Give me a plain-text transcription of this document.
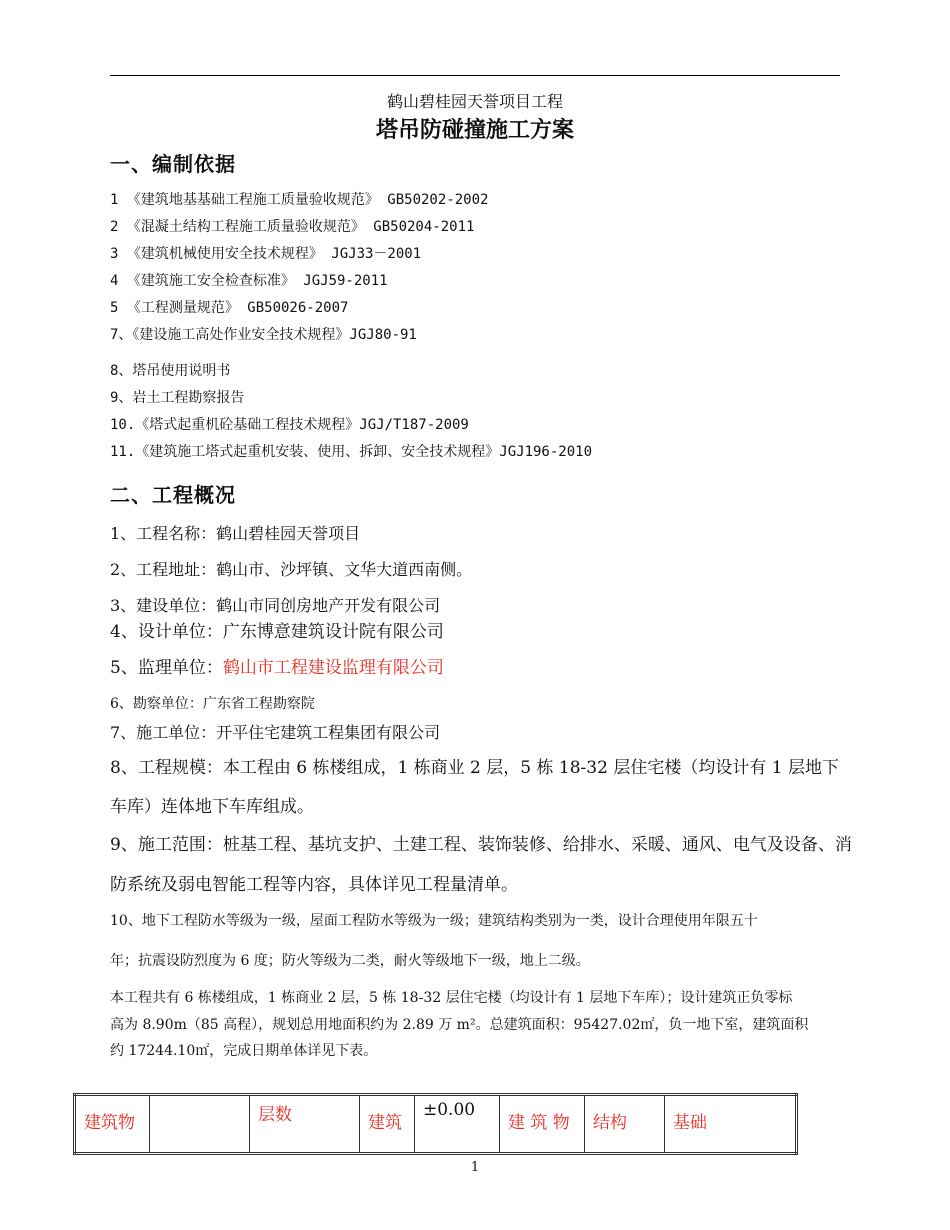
鹤山碧桂园天誉项目工程
塔吊防碰撞施工方案
一、编制依据
1 《建筑地基基础工程施工质量验收规范》 GB50202-2002
2 《混凝土结构工程施工质量验收规范》 GB50204-2011
3 《建筑机械使用安全技术规程》 JGJ33－2001
4 《建筑施工安全检查标准》 JGJ59-2011
5 《工程测量规范》 GB50026-2007
7、《建设施工高处作业安全技术规程》JGJ80-91
8、塔吊使用说明书
9、岩土工程勘察报告
10.《塔式起重机砼基础工程技术规程》JGJ/T187-2009
11.《建筑施工塔式起重机安装、使用、拆卸、安全技术规程》JGJ196-2010
二、工程概况
1、工程名称：鹤山碧桂园天誉项目
2、工程地址：鹤山市、沙坪镇、文华大道西南侧。
3、建设单位：鹤山市同创房地产开发有限公司
4、设计单位：广东博意建筑设计院有限公司
5、监理单位：鹤山市工程建设监理有限公司
6、勘察单位：广东省工程勘察院
7、施工单位：开平住宅建筑工程集团有限公司
8、工程规模：本工程由 6 栋楼组成，1 栋商业 2 层，5 栋 18-32 层住宅楼（均设计有 1 层地下
车库）连体地下车库组成。
9、施工范围：桩基工程、基坑支护、土建工程、装饰装修、给排水、采暖、通风、电气及设备、消
防系统及弱电智能工程等内容，具体详见工程量清单。
10、地下工程防水等级为一级，屋面工程防水等级为一级；建筑结构类别为一类，设计合理使用年限五十
年；抗震设防烈度为 6 度；防火等级为二类，耐火等级地下一级，地上二级。
本工程共有 6 栋楼组成，1 栋商业 2 层，5 栋 18-32 层住宅楼（均设计有 1 层地下车库）；设计建筑正负零标
高为 8.90m（85 高程），规划总用地面积约为 2.89 万 m²。总建筑面积：95427.02㎡，负一地下室，建筑面积
约 17244.10㎡，完成日期单体详见下表。
建筑物		层数	建筑	±0.00	建 筑 物	结构	基础
1
